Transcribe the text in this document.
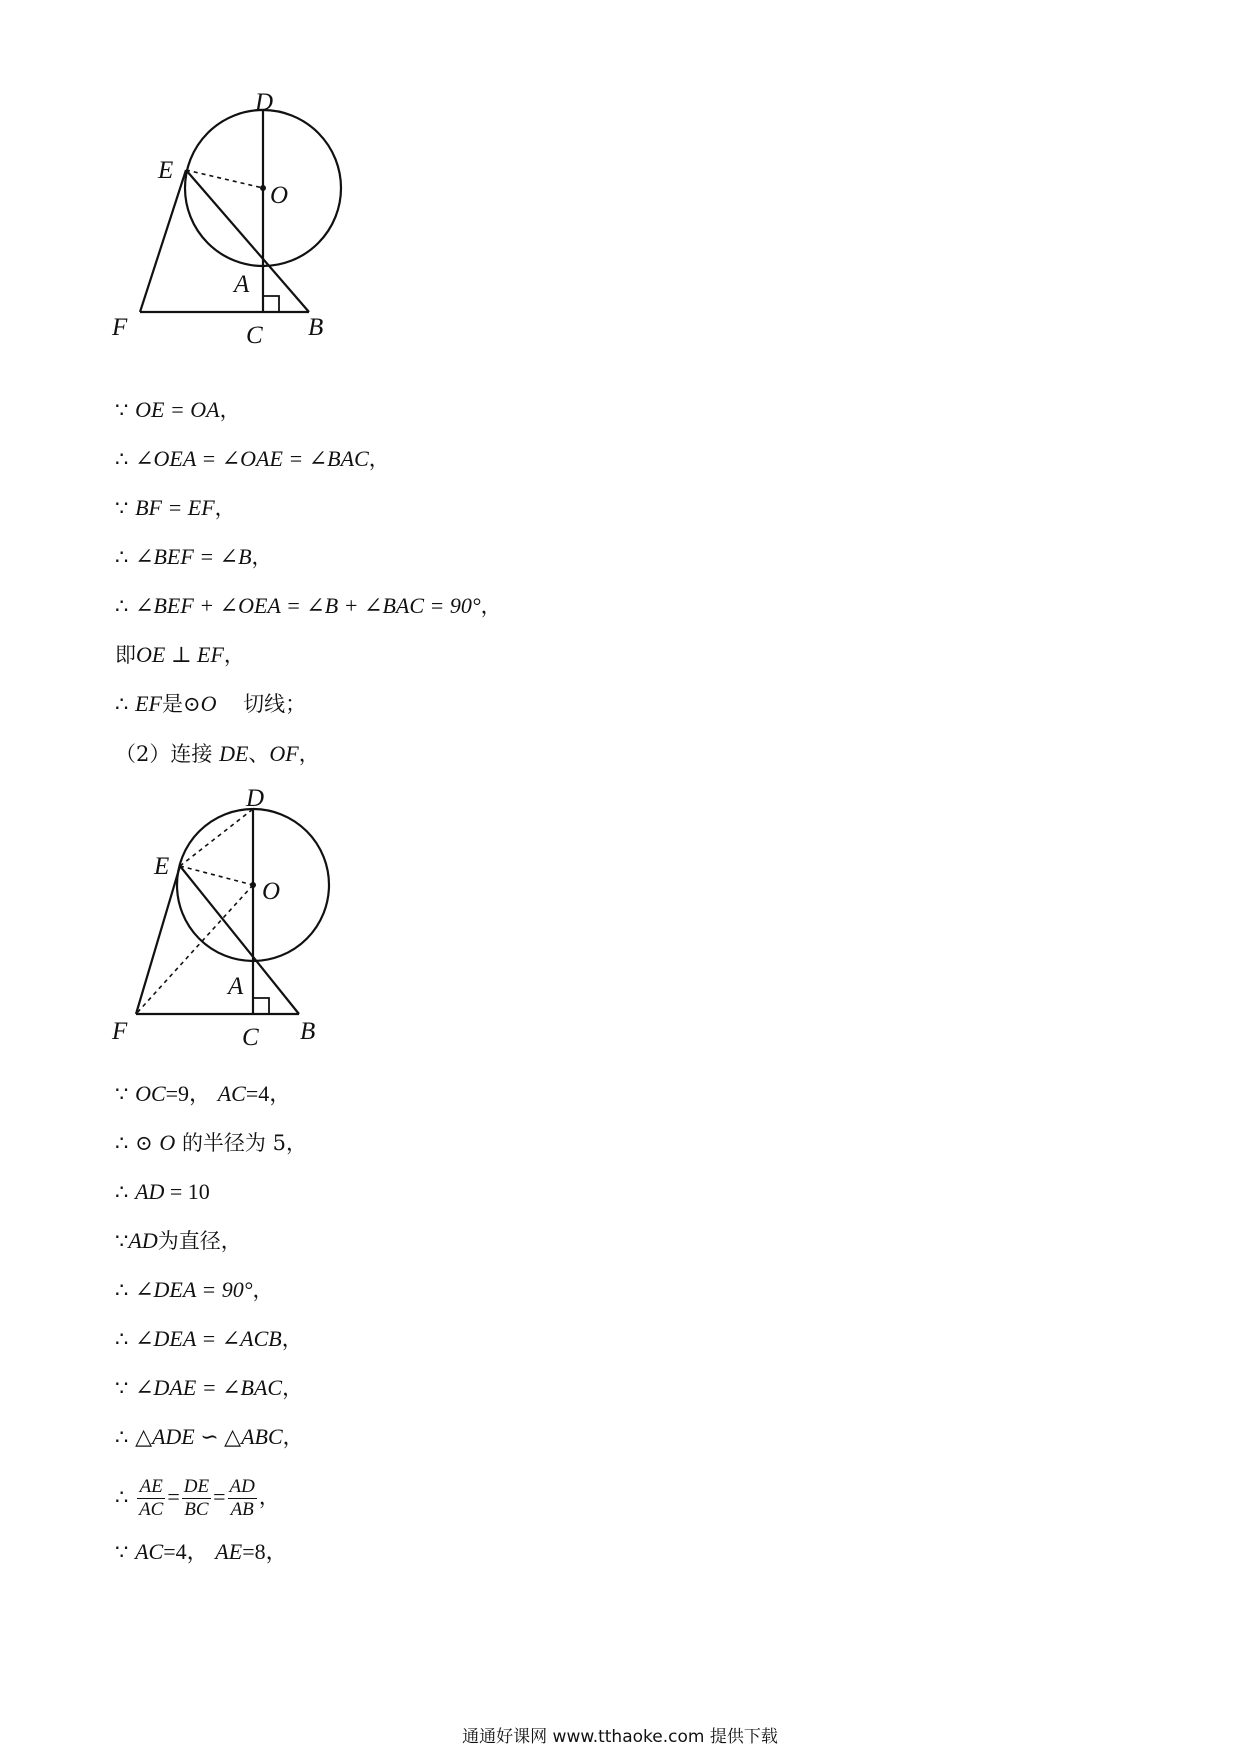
D
E
O
A
F	C B
∵ OE = OA，
∴ ∠OEA = ∠OAE = ∠BAC，
∵ BF = EF，
∴ ∠BEF = ∠B，
∴ ∠BEF + ∠OEA = ∠B + ∠BAC = 90°，
即OE ⊥ EF，
∴ EF是⊙O 切线；
（2）连接 DE、OF，
D
E
O
A
F	C B
∵ OC=9， AC=4，
∴ ⊙ O 的半径为 5，
∴ AD = 10
∵AD为直径，
∴ ∠DEA = 90°，
∴ ∠DEA = ∠ACB，
∵ ∠DAE = ∠BAC，
∴ △ADE ∽ △ABC，
∴ $\frac{AE}{AC} = \frac{DE}{BC} = \frac{AD}{AB}$ ，
∵ AC=4， AE=8，
通通好课网 www.tthaoke.com 提供下载
